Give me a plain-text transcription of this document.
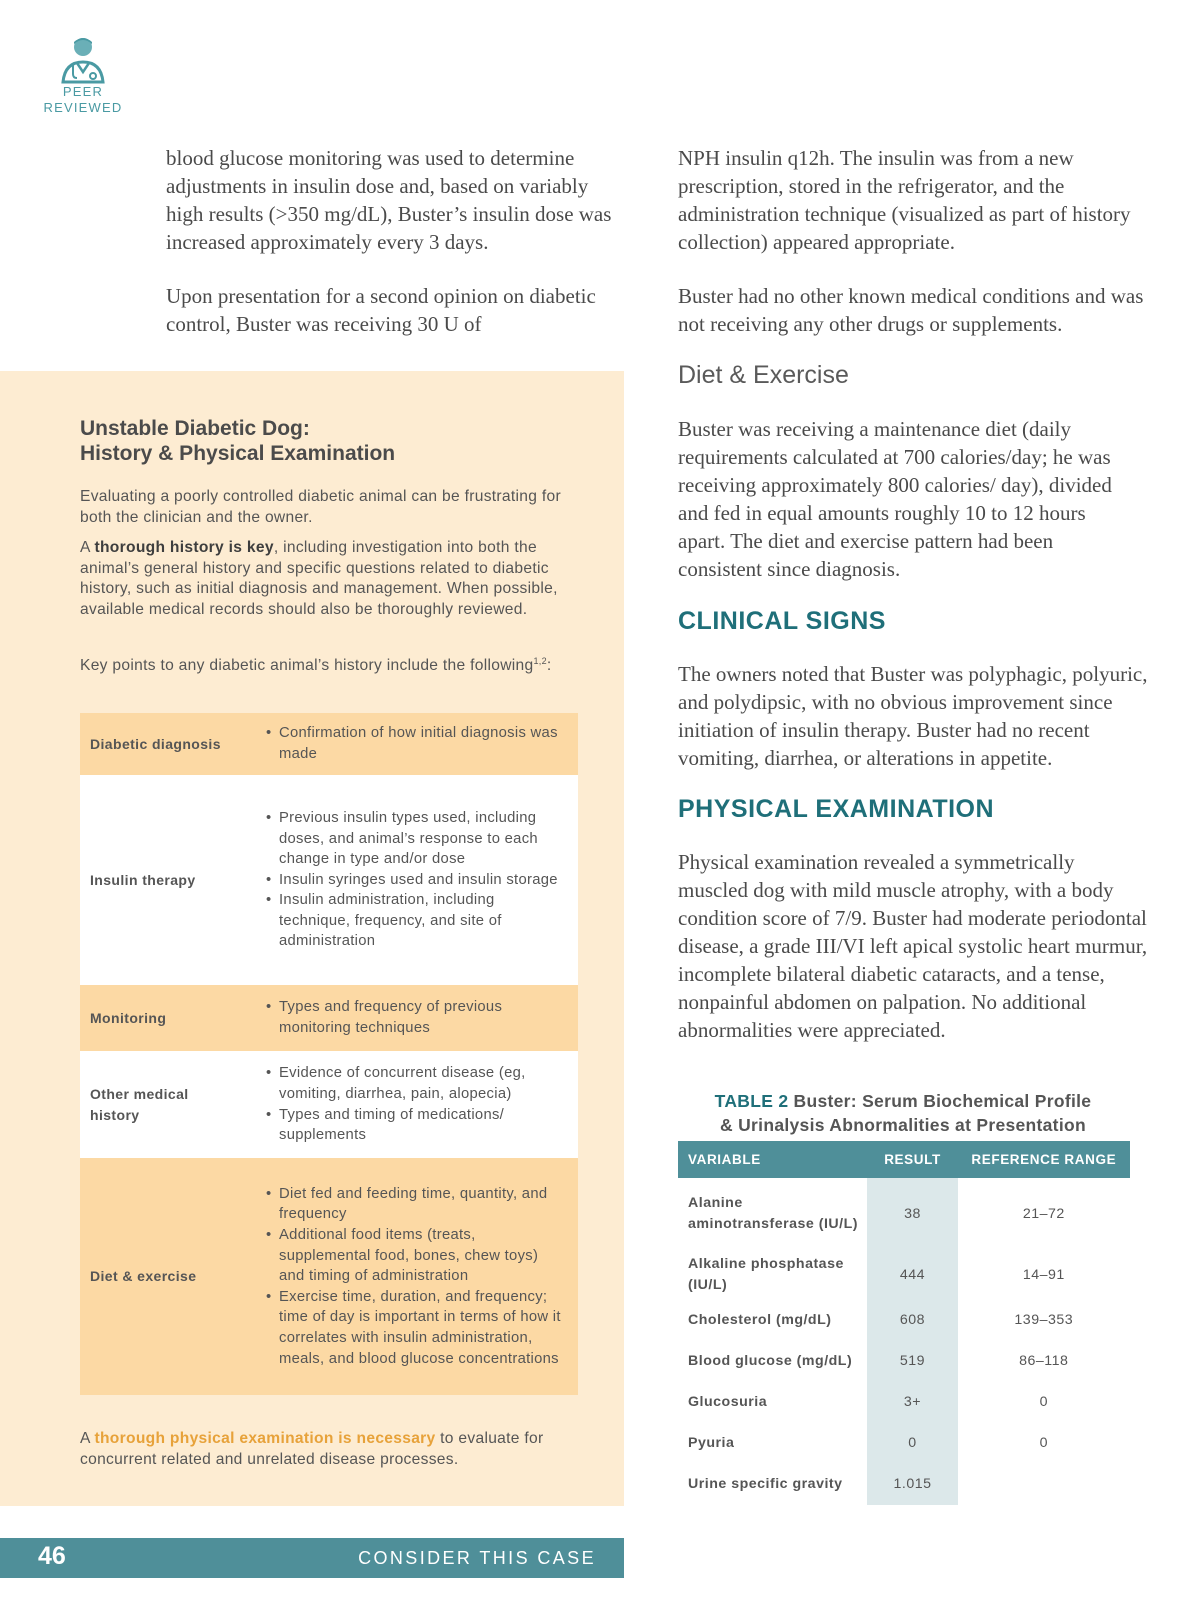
PEER
REVIEWED

blood glucose monitoring was used to determine adjustments in insulin dose and, based on variably high results (>350 mg/dL), Buster’s insulin dose was increased approximately every 3 days.

Upon presentation for a second opinion on diabetic control, Buster was receiving 30 U of

NPH insulin q12h. The insulin was from a new prescription, stored in the refrigerator, and the administration technique (visualized as part of history collection) appeared appropriate.

Buster had no other known medical conditions and was not receiving any other drugs or supplements.

Diet & Exercise

Buster was receiving a maintenance diet (daily requirements calculated at 700 calories/day; he was receiving approximately 800 calories/ day), divided and fed in equal amounts roughly 10 to 12 hours apart. The diet and exercise pattern had been consistent since diagnosis.

CLINICAL SIGNS

The owners noted that Buster was polyphagic, polyuric, and polydipsic, with no obvious improvement since initiation of insulin therapy. Buster had no recent vomiting, diarrhea, or alterations in appetite.

PHYSICAL EXAMINATION

Physical examination revealed a symmetrically muscled dog with mild muscle atrophy, with a body condition score of 7/9. Buster had moderate periodontal disease, a grade III/VI left apical systolic heart murmur, incomplete bilateral diabetic cataracts, and a tense, nonpainful abdomen on palpation. No additional abnormalities were appreciated.

Unstable Diabetic Dog:
History & Physical Examination

Evaluating a poorly controlled diabetic animal can be frustrating for both the clinician and the owner.

A thorough history is key, including investigation into both the animal’s general history and specific questions related to diabetic history, such as initial diagnosis and management. When possible, available medical records should also be thoroughly reviewed.

Key points to any diabetic animal’s history include the following$^{1,2}$:

Diabetic diagnosis
• Confirmation of how initial diagnosis was made
Insulin therapy
• Previous insulin types used, including doses, and animal’s response to each change in type and/or dose
• Insulin syringes used and insulin storage
• Insulin administration, including technique, frequency, and site of administration
Monitoring
• Types and frequency of previous monitoring techniques
Other medical history
• Evidence of concurrent disease (eg, vomiting, diarrhea, pain, alopecia)
• Types and timing of medications/ supplements
Diet & exercise
• Diet fed and feeding time, quantity, and frequency
• Additional food items (treats, supplemental food, bones, chew toys) and timing of administration
• Exercise time, duration, and frequency; time of day is important in terms of how it correlates with insulin administration, meals, and blood glucose concentrations

A thorough physical examination is necessary to evaluate for concurrent related and unrelated disease processes.

TABLE 2 Buster: Serum Biochemical Profile
& Urinalysis Abnormalities at Presentation
VARIABLE	RESULT	REFERENCE RANGE
Alanine aminotransferase (IU/L)	38	21–72
Alkaline phosphatase (IU/L)	444	14–91
Cholesterol (mg/dL)	608	139–353
Blood glucose (mg/dL)	519	86–118
Glucosuria	3+	0
Pyuria	0	0
Urine specific gravity	1.015	
46	CONSIDER THIS CASE
